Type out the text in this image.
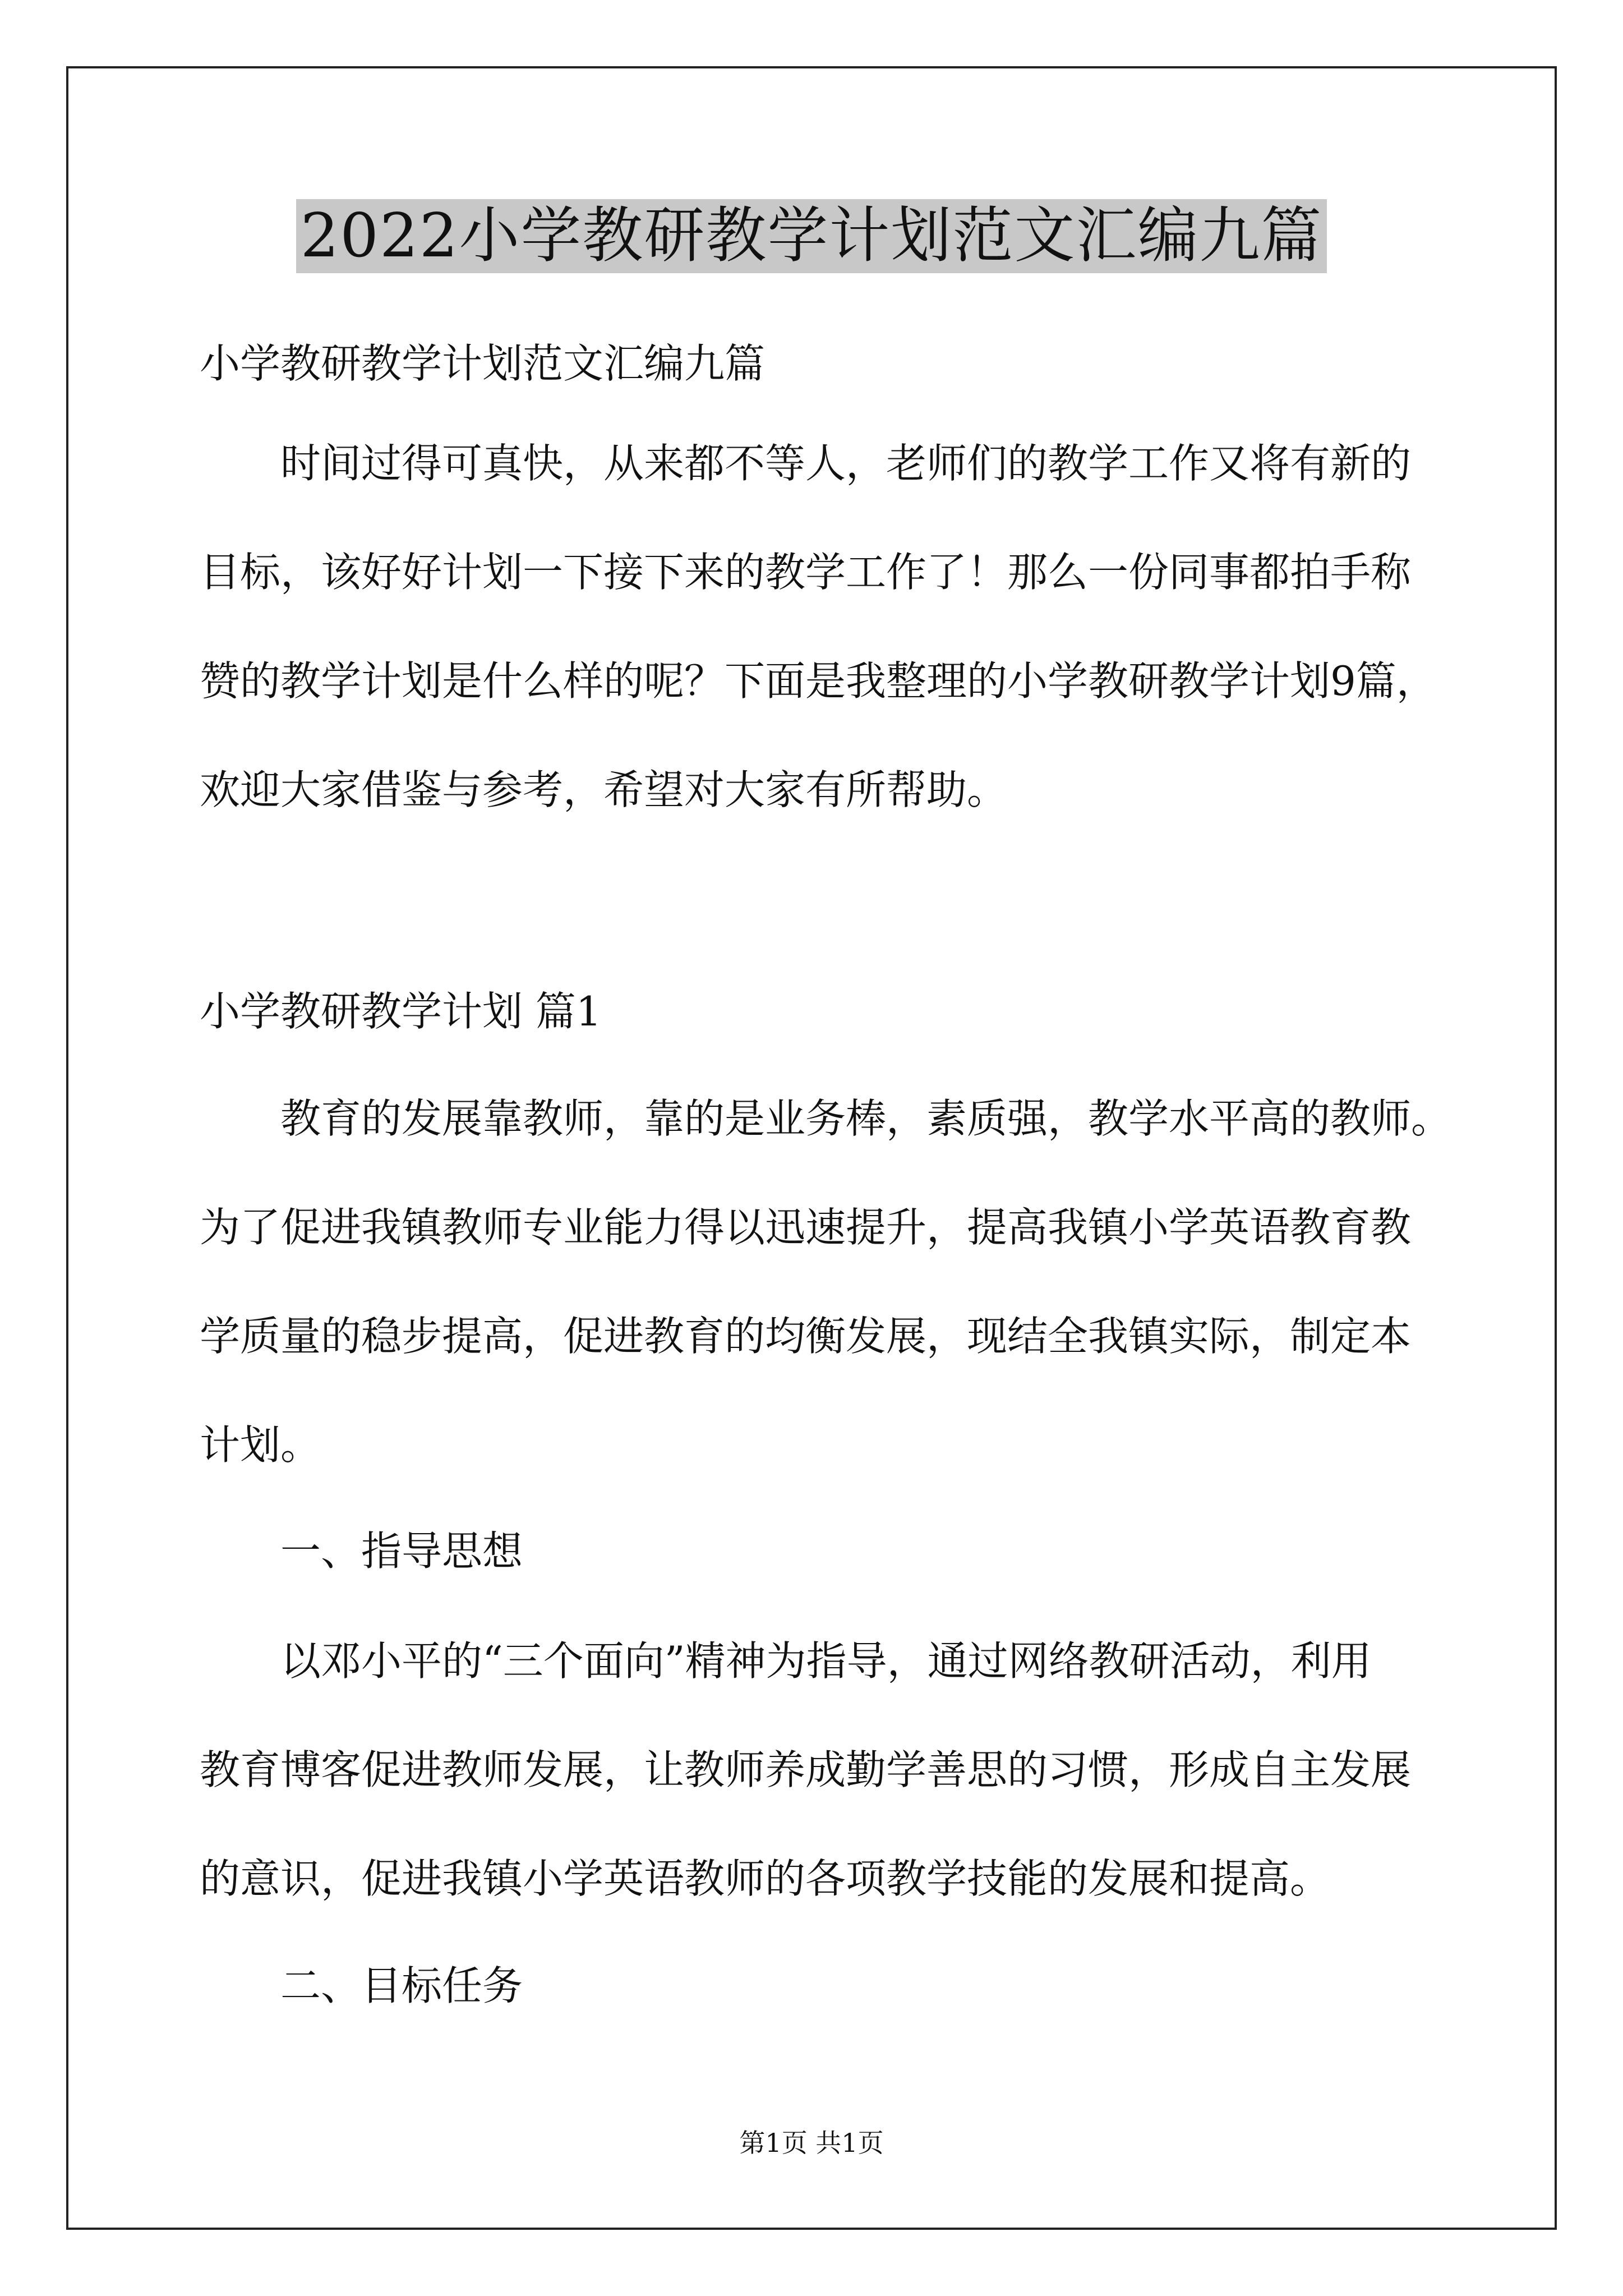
2022小学教研教学计划范文汇编九篇
小学教研教学计划范文汇编九篇
时间过得可真快，从来都不等人，老师们的教学工作又将有新的
目标，该好好计划一下接下来的教学工作了！那么一份同事都拍手称
赞的教学计划是什么样的呢？下面是我整理的小学教研教学计划9篇，
欢迎大家借鉴与参考，希望对大家有所帮助。
小学教研教学计划 篇1
教育的发展靠教师，靠的是业务棒，素质强，教学水平高的教师。
为了促进我镇教师专业能力得以迅速提升，提高我镇小学英语教育教
学质量的稳步提高，促进教育的均衡发展，现结全我镇实际，制定本
计划。
一、指导思想
以邓小平的“三个面向”精神为指导，通过网络教研活动，利用
教育博客促进教师发展，让教师养成勤学善思的习惯，形成自主发展
的意识，促进我镇小学英语教师的各项教学技能的发展和提高。
二、目标任务
第1页 共1页
